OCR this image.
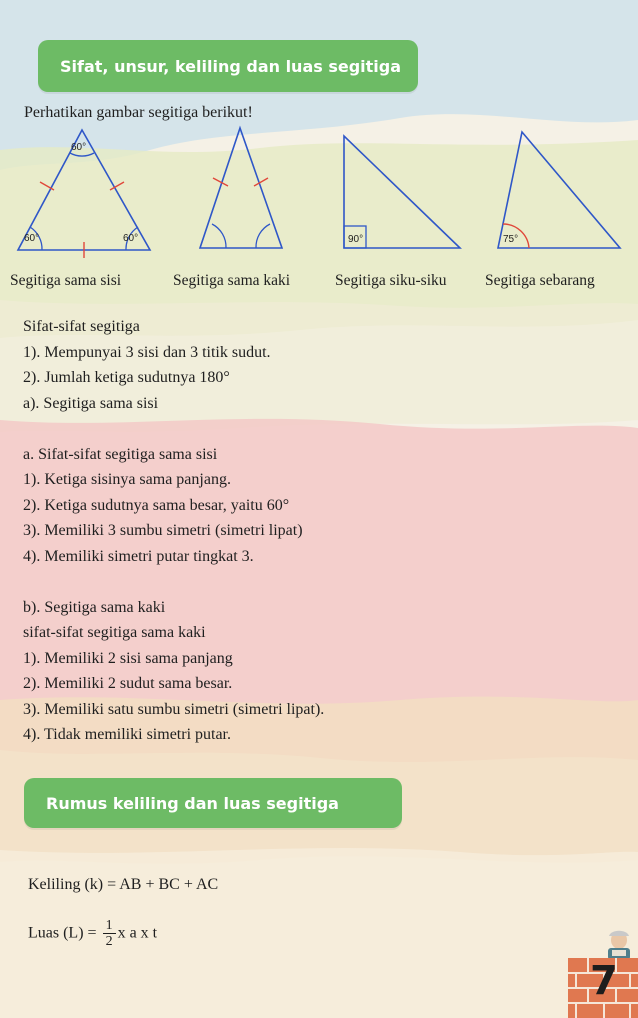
Sifat, unsur, keliling dan luas segitiga
Perhatikan gambar segitiga berikut!
60°
60°	60°	90°	75°
Segitiga sama sisi	Segitiga sama kaki	Segitiga siku-siku Segitiga sebarang
Sifat-sifat segitiga
1). Mempunyai 3 sisi dan 3 titik sudut.
2). Jumlah ketiga sudutnya 180°
a). Segitiga sama sisi
a. Sifat-sifat segitiga sama sisi
1). Ketiga sisinya sama panjang.
2). Ketiga sudutnya sama besar, yaitu 60°
3). Memiliki 3 sumbu simetri (simetri lipat)
4). Memiliki simetri putar tingkat 3.
b). Segitiga sama kaki
sifat-sifat segitiga sama kaki
1). Memiliki 2 sisi sama panjang
2). Memiliki 2 sudut sama besar.
3). Memiliki satu sumbu simetri (simetri lipat).
4). Tidak memiliki simetri putar.
Rumus keliling dan luas segitiga
Keliling (k) = AB + BC + AC
Luas $(L) = \frac{1}{2}$ x a x t
7
